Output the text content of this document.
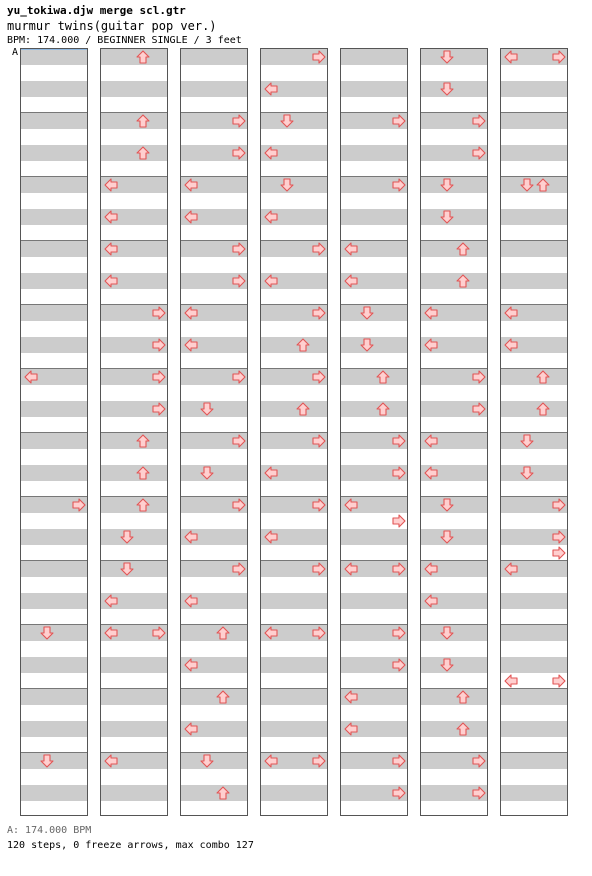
yu_tokiwa.djw merge scl.gtr
murmur twins(guitar pop ver.)
BPM: 174.000 / BEGINNER SINGLE / 3 feet
A
A: 174.000 BPM
120 steps, 0 freeze arrows, max combo 127
